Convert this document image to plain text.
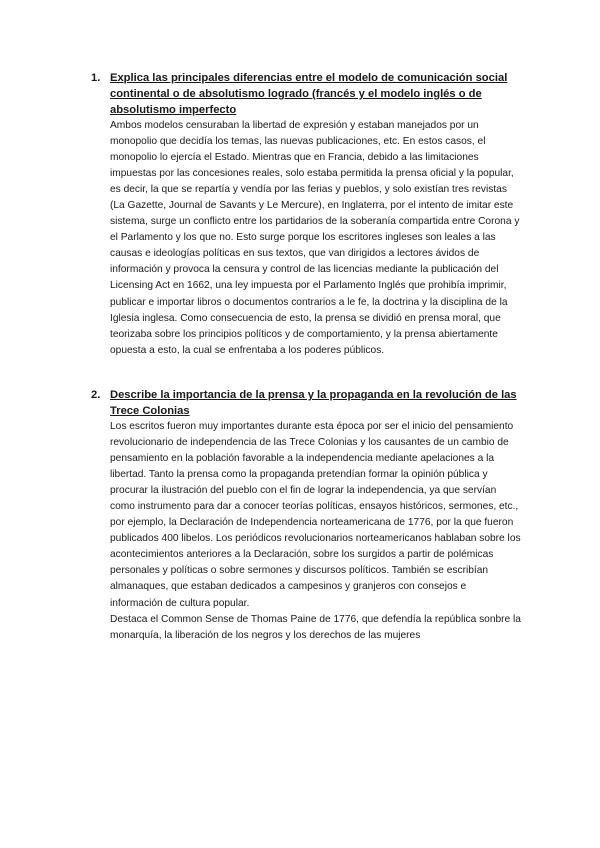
1. Explica las principales diferencias entre el modelo de comunicación social continental o de absolutismo logrado (francés y el modelo inglés o de absolutismo imperfecto

Ambos modelos censuraban la libertad de expresión y estaban manejados por un monopolio que decidía los temas, las nuevas publicaciones, etc. En estos casos, el monopolio lo ejercía el Estado. Mientras que en Francia, debido a las limitaciones impuestas por las concesiones reales, solo estaba permitida la prensa oficial y la popular, es decir, la que se repartía y vendía por las ferias y pueblos, y solo existían tres revistas (La Gazette, Journal de Savants y Le Mercure), en Inglaterra, por el intento de imitar este sistema, surge un conflicto entre los partidarios de la soberanía compartida entre Corona y el Parlamento y los que no. Esto surge porque los escritores ingleses son leales a las causas e ideologías políticas en sus textos, que van dirigidos a lectores ávidos de información y provoca la censura y control de las licencias mediante la publicación del Licensing Act en 1662, una ley impuesta por el Parlamento Inglés que prohibía imprimir, publicar e importar libros o documentos contrarios a le fe, la doctrina y la disciplina de la Iglesia inglesa. Como consecuencia de esto, la prensa se dividió en prensa moral, que teorizaba sobre los principios políticos y de comportamiento, y la prensa abiertamente opuesta a esto, la cual se enfrentaba a los poderes públicos.

2. Describe la importancia de la prensa y la propaganda en la revolución de las Trece Colonias

Los escritos fueron muy importantes durante esta época por ser el inicio del pensamiento revolucionario de independencia de las Trece Colonias y los causantes de un cambio de pensamiento en la población favorable a la independencia mediante apelaciones a la libertad. Tanto la prensa como la propaganda pretendían formar la opinión pública y procurar la ilustración del pueblo con el fin de lograr la independencia, ya que servían como instrumento para dar a conocer teorías políticas, ensayos históricos, sermones, etc., por ejemplo, la Declaración de Independencia norteamericana de 1776, por la que fueron publicados 400 libelos. Los periódicos revolucionarios norteamericanos hablaban sobre los acontecimientos anteriores a la Declaración, sobre los surgidos a partir de polémicas personales y políticas o sobre sermones y discursos políticos. También se escribían almanaques, que estaban dedicados a campesinos y granjeros con consejos e información de cultura popular.

Destaca el Common Sense de Thomas Paine de 1776, que defendía la república sonbre la monarquía, la liberación de los negros y los derechos de las mujeres
